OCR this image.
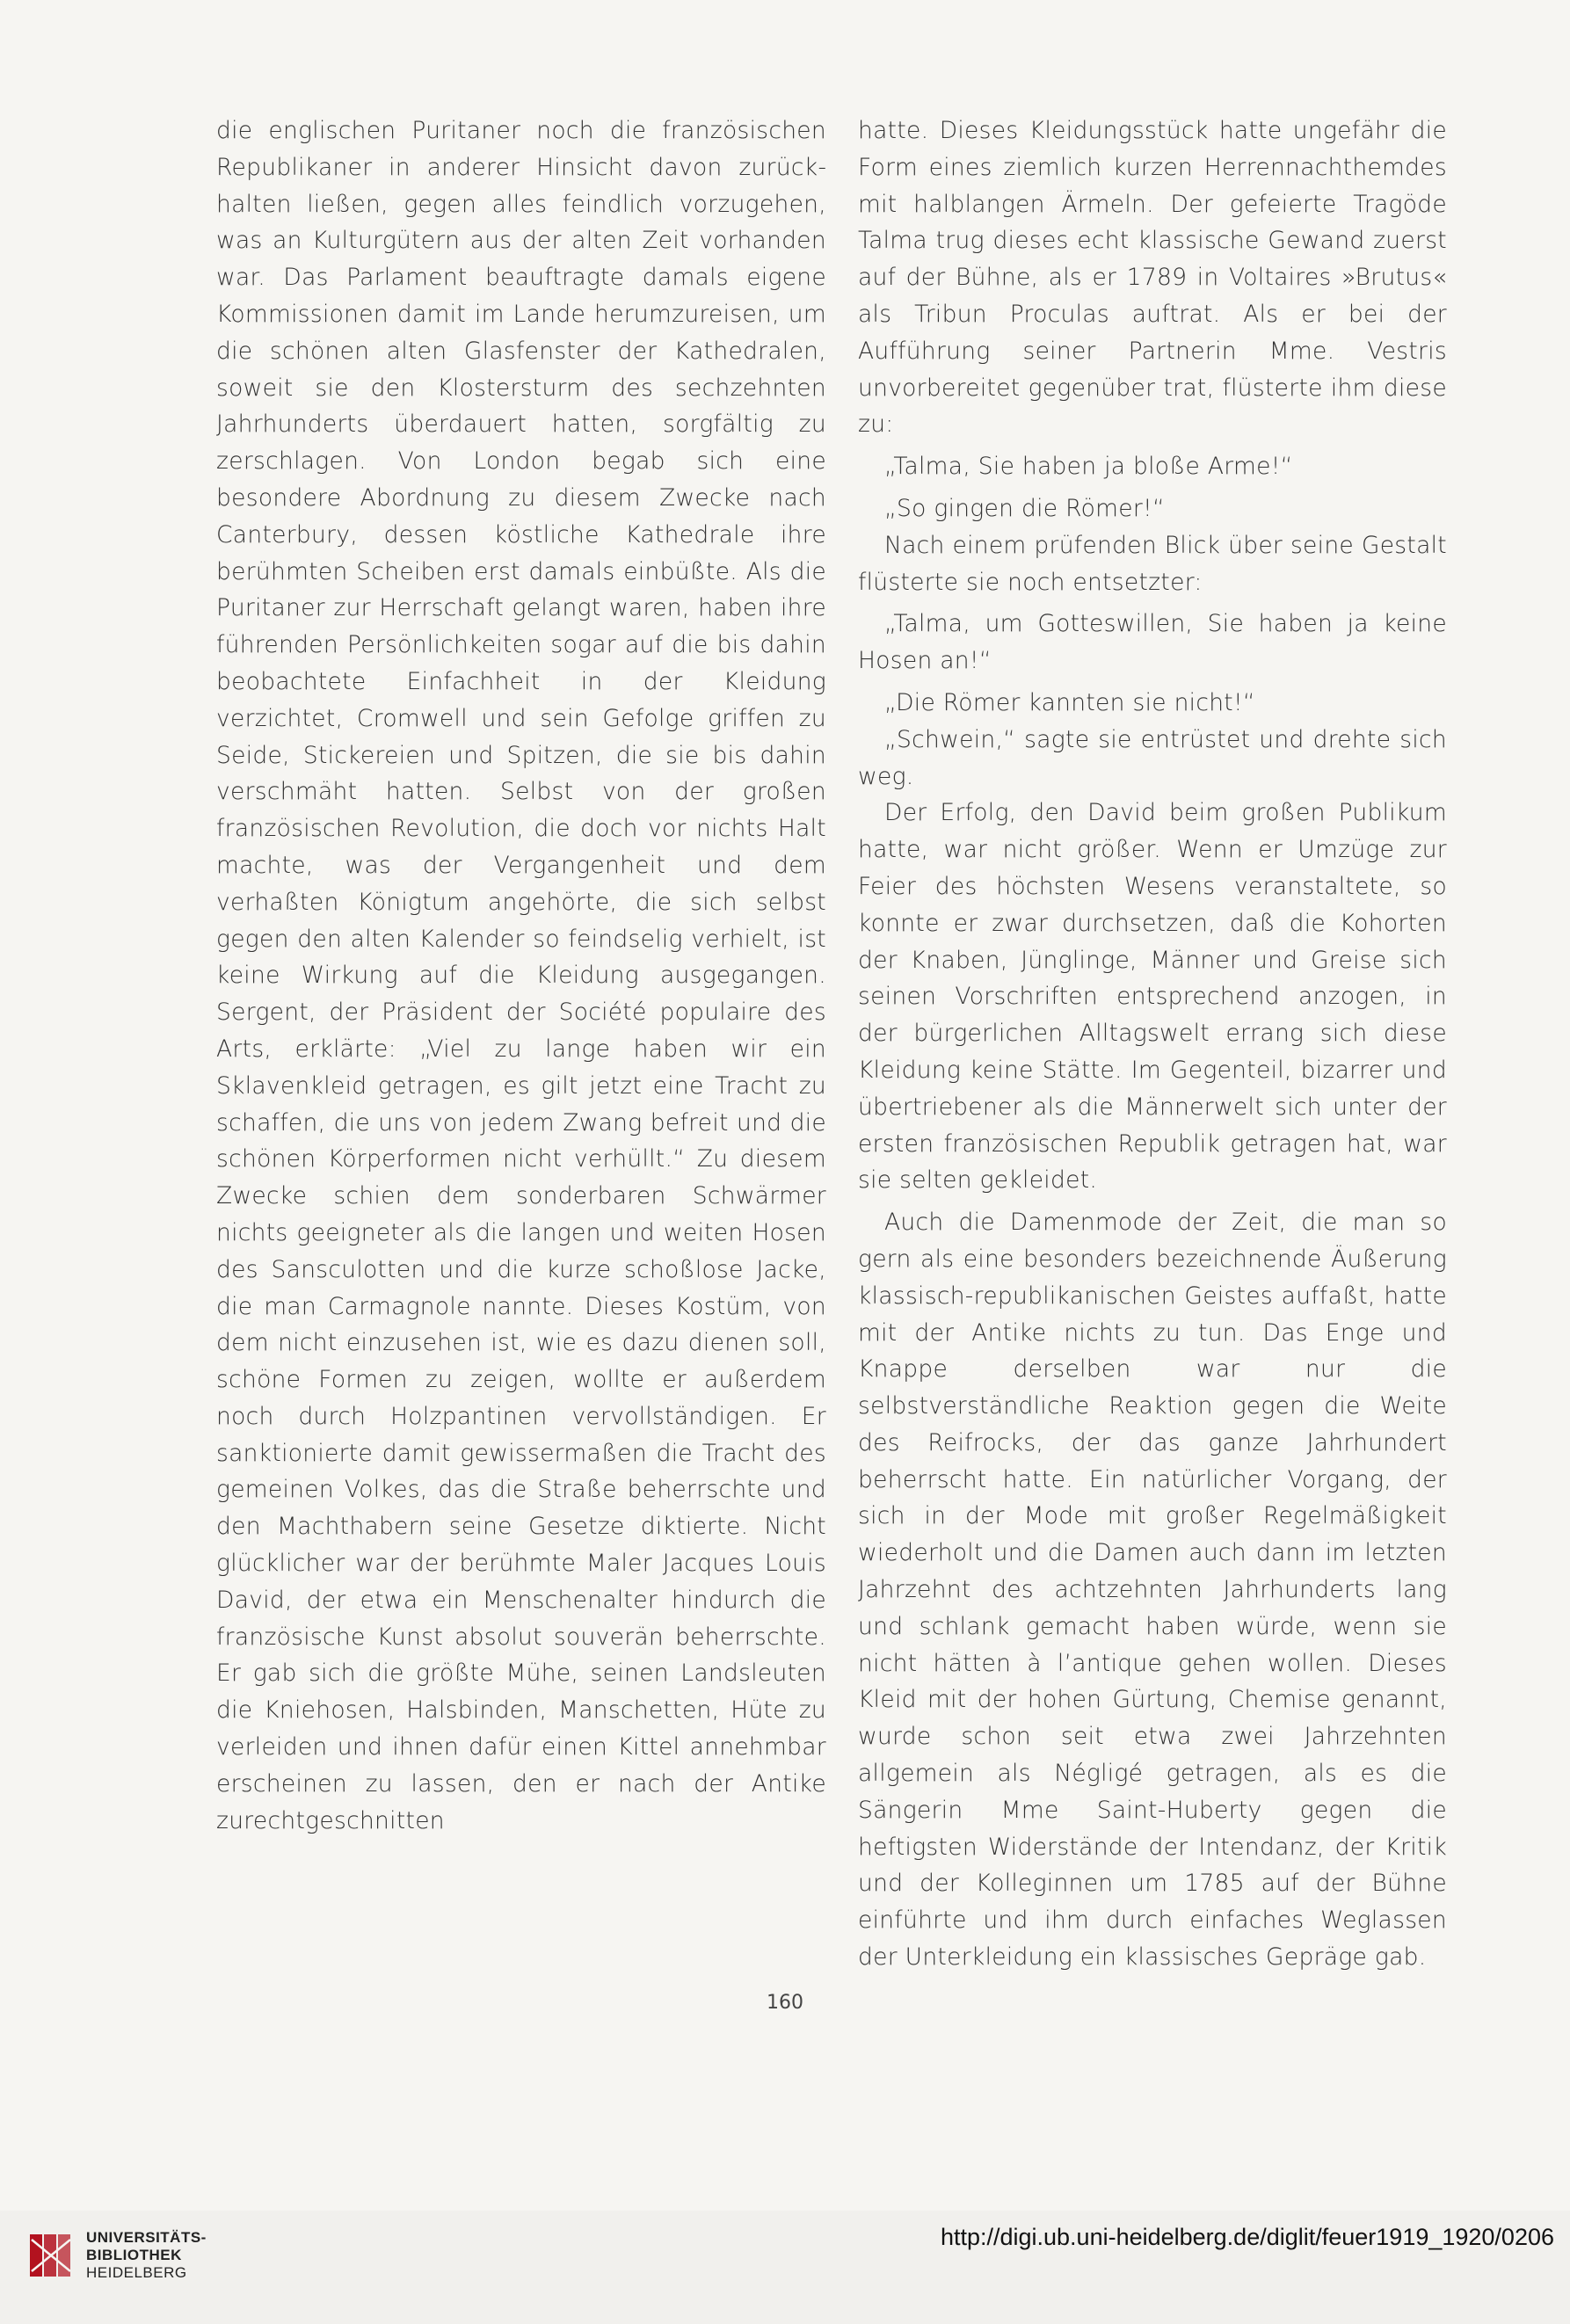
die englischen Puritaner noch die französischen Republikaner in anderer Hinsicht davon zurückhalten ließen, gegen alles feindlich vorzugehen, was an Kulturgütern aus der alten Zeit vorhanden war. Das Parlament beauftragte damals eigene Kommissionen damit im Lande herumzureisen, um die schönen alten Glasfenster der Kathedralen, soweit sie den Klostersturm des sechzehnten Jahrhunderts überdauert hatten, sorgfältig zu zerschlagen. Von London begab sich eine besondere Abordnung zu diesem Zwecke nach Canterbury, dessen köstliche Kathedrale ihre berühmten Scheiben erst damals einbüßte. Als die Puritaner zur Herrschaft gelangt waren, haben ihre führenden Persönlichkeiten sogar auf die bis dahin beobachtete Einfachheit in der Kleidung verzichtet, Cromwell und sein Gefolge griffen zu Seide, Stickereien und Spitzen, die sie bis dahin verschmäht hatten. Selbst von der großen französischen Revolution, die doch vor nichts Halt machte, was der Vergangenheit und dem verhaßten Königtum angehörte, die sich selbst gegen den alten Kalender so feindselig verhielt, ist keine Wirkung auf die Kleidung ausgegangen. Sergent, der Präsident der Société populaire des Arts, erklärte: „Viel zu lange haben wir ein Sklavenkleid getragen, es gilt jetzt eine Tracht zu schaffen, die uns von jedem Zwang befreit und die schönen Körperformen nicht verhüllt.“ Zu diesem Zwecke schien dem sonderbaren Schwärmer nichts geeigneter als die langen und weiten Hosen des Sansculotten und die kurze schoßlose Jacke, die man Carmagnole nannte. Dieses Kostüm, von dem nicht einzusehen ist, wie es dazu dienen soll, schöne Formen zu zeigen, wollte er außerdem noch durch Holzpantinen vervollständigen. Er sanktionierte damit gewissermaßen die Tracht des gemeinen Volkes, das die Straße beherrschte und den Machthabern seine Gesetze diktierte. Nicht glücklicher war der berühmte Maler Jacques Louis David, der etwa ein Menschenalter hindurch die französische Kunst absolut souverän beherrschte. Er gab sich die größte Mühe, seinen Landsleuten die Kniehosen, Halsbinden, Manschetten, Hüte zu verleiden und ihnen dafür einen Kittel annehmbar erscheinen zu lassen, den er nach der Antike zurechtgeschnitten

hatte. Dieses Kleidungsstück hatte ungefähr die Form eines ziemlich kurzen Herrennachthemdes mit halblangen Ärmeln. Der gefeierte Tragöde Talma trug dieses echt klassische Gewand zuerst auf der Bühne, als er 1789 in Voltaires »Brutus« als Tribun Proculas auftrat. Als er bei der Aufführung seiner Partnerin Mme. Vestris unvorbereitet gegenüber trat, flüsterte ihm diese zu:

„Talma, Sie haben ja bloße Arme!“

„So gingen die Römer!“

Nach einem prüfenden Blick über seine Gestalt flüsterte sie noch entsetzter:

„Talma, um Gotteswillen, Sie haben ja keine Hosen an!“

„Die Römer kannten sie nicht!“

„Schwein,“ sagte sie entrüstet und drehte sich weg.

Der Erfolg, den David beim großen Publikum hatte, war nicht größer. Wenn er Umzüge zur Feier des höchsten Wesens veranstaltete, so konnte er zwar durchsetzen, daß die Kohorten der Knaben, Jünglinge, Männer und Greise sich seinen Vorschriften entsprechend anzogen, in der bürgerlichen Alltagswelt errang sich diese Kleidung keine Stätte. Im Gegenteil, bizarrer und übertriebener als die Männerwelt sich unter der ersten französischen Republik getragen hat, war sie selten gekleidet.

Auch die Damenmode der Zeit, die man so gern als eine besonders bezeichnende Äußerung klassisch-republikanischen Geistes auffaßt, hatte mit der Antike nichts zu tun. Das Enge und Knappe derselben war nur die selbstverständliche Reaktion gegen die Weite des Reifrocks, der das ganze Jahrhundert beherrscht hatte. Ein natürlicher Vorgang, der sich in der Mode mit großer Regelmäßigkeit wiederholt und die Damen auch dann im letzten Jahrzehnt des achtzehnten Jahrhunderts lang und schlank gemacht haben würde, wenn sie nicht hätten à l’antique gehen wollen. Dieses Kleid mit der hohen Gürtung, Chemise genannt, wurde schon seit etwa zwei Jahrzehnten allgemein als Négligé getragen, als es die Sängerin Mme Saint-Huberty gegen die heftigsten Widerstände der Intendanz, der Kritik und der Kolleginnen um 1785 auf der Bühne einführte und ihm durch einfaches Weglassen der Unterkleidung ein klassisches Gepräge gab.

160
UNIVERSITÄTS-
BIBLIOTHEK
HEIDELBERG
http://digi.ub.uni-heidelberg.de/diglit/feuer1919_1920/0206
